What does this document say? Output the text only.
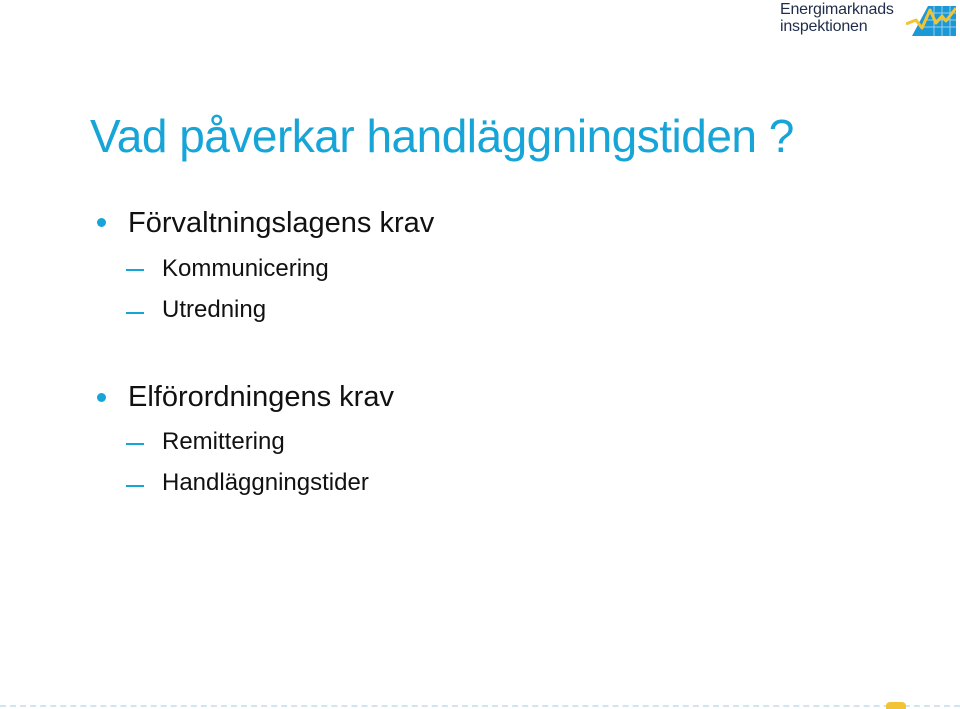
Energimarknads
inspektionen
Vad påverkar handläggningstiden ?
Förvaltningslagens krav
Kommunicering
Utredning
Elförordningens krav
Remittering
Handläggningstider
